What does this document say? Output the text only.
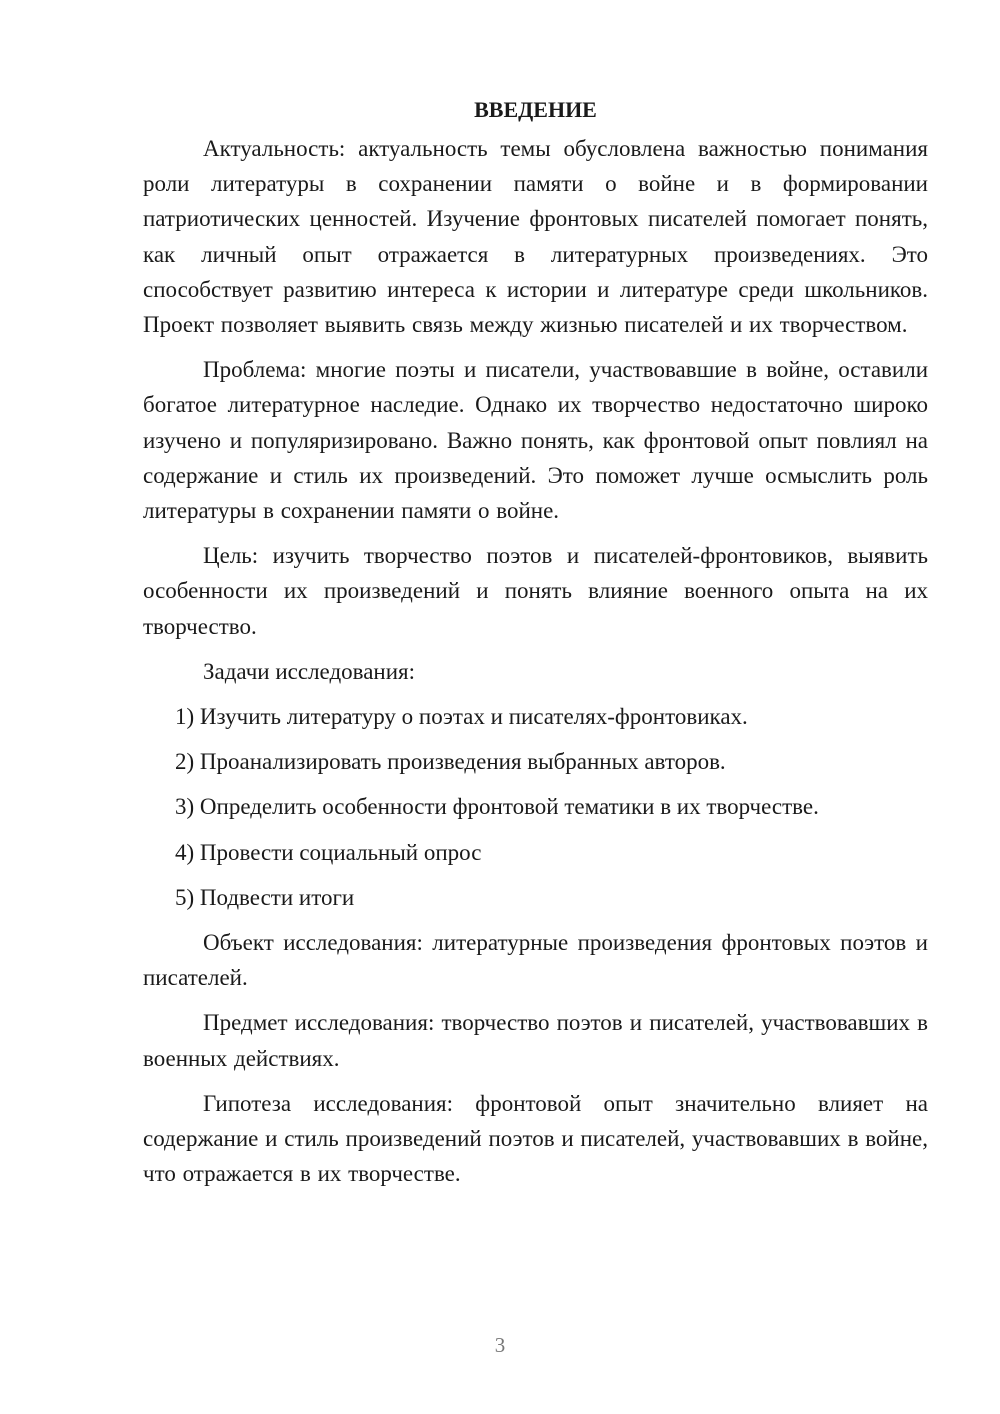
ВВЕДЕНИЕ

Актуальность: актуальность темы обусловлена важностью понимания роли литературы в сохранении памяти о войне и в формировании патриотических ценностей. Изучение фронтовых писателей помогает понять, как личный опыт отражается в литературных произведениях. Это способствует развитию интереса к истории и литературе среди школьников. Проект позволяет выявить связь между жизнью писателей и их творчеством.

Проблема: многие поэты и писатели, участвовавшие в войне, оставили богатое литературное наследие. Однако их творчество недостаточно широко изучено и популяризировано. Важно понять, как фронтовой опыт повлиял на содержание и стиль их произведений. Это поможет лучше осмыслить роль литературы в сохранении памяти о войне.

Цель: изучить творчество поэтов и писателей-фронтовиков, выявить особенности их произведений и понять влияние военного опыта на их творчество.

Задачи исследования:

1) Изучить литературу о поэтах и писателях-фронтовиках.

2) Проанализировать произведения выбранных авторов.

3) Определить особенности фронтовой тематики в их творчестве.

4) Провести социальный опрос

5) Подвести итоги

Объект исследования: литературные произведения фронтовых поэтов и писателей.

Предмет исследования: творчество поэтов и писателей, участвовавших в военных действиях.

Гипотеза исследования: фронтовой опыт значительно влияет на содержание и стиль произведений поэтов и писателей, участвовавших в войне, что отражается в их творчестве.

3
